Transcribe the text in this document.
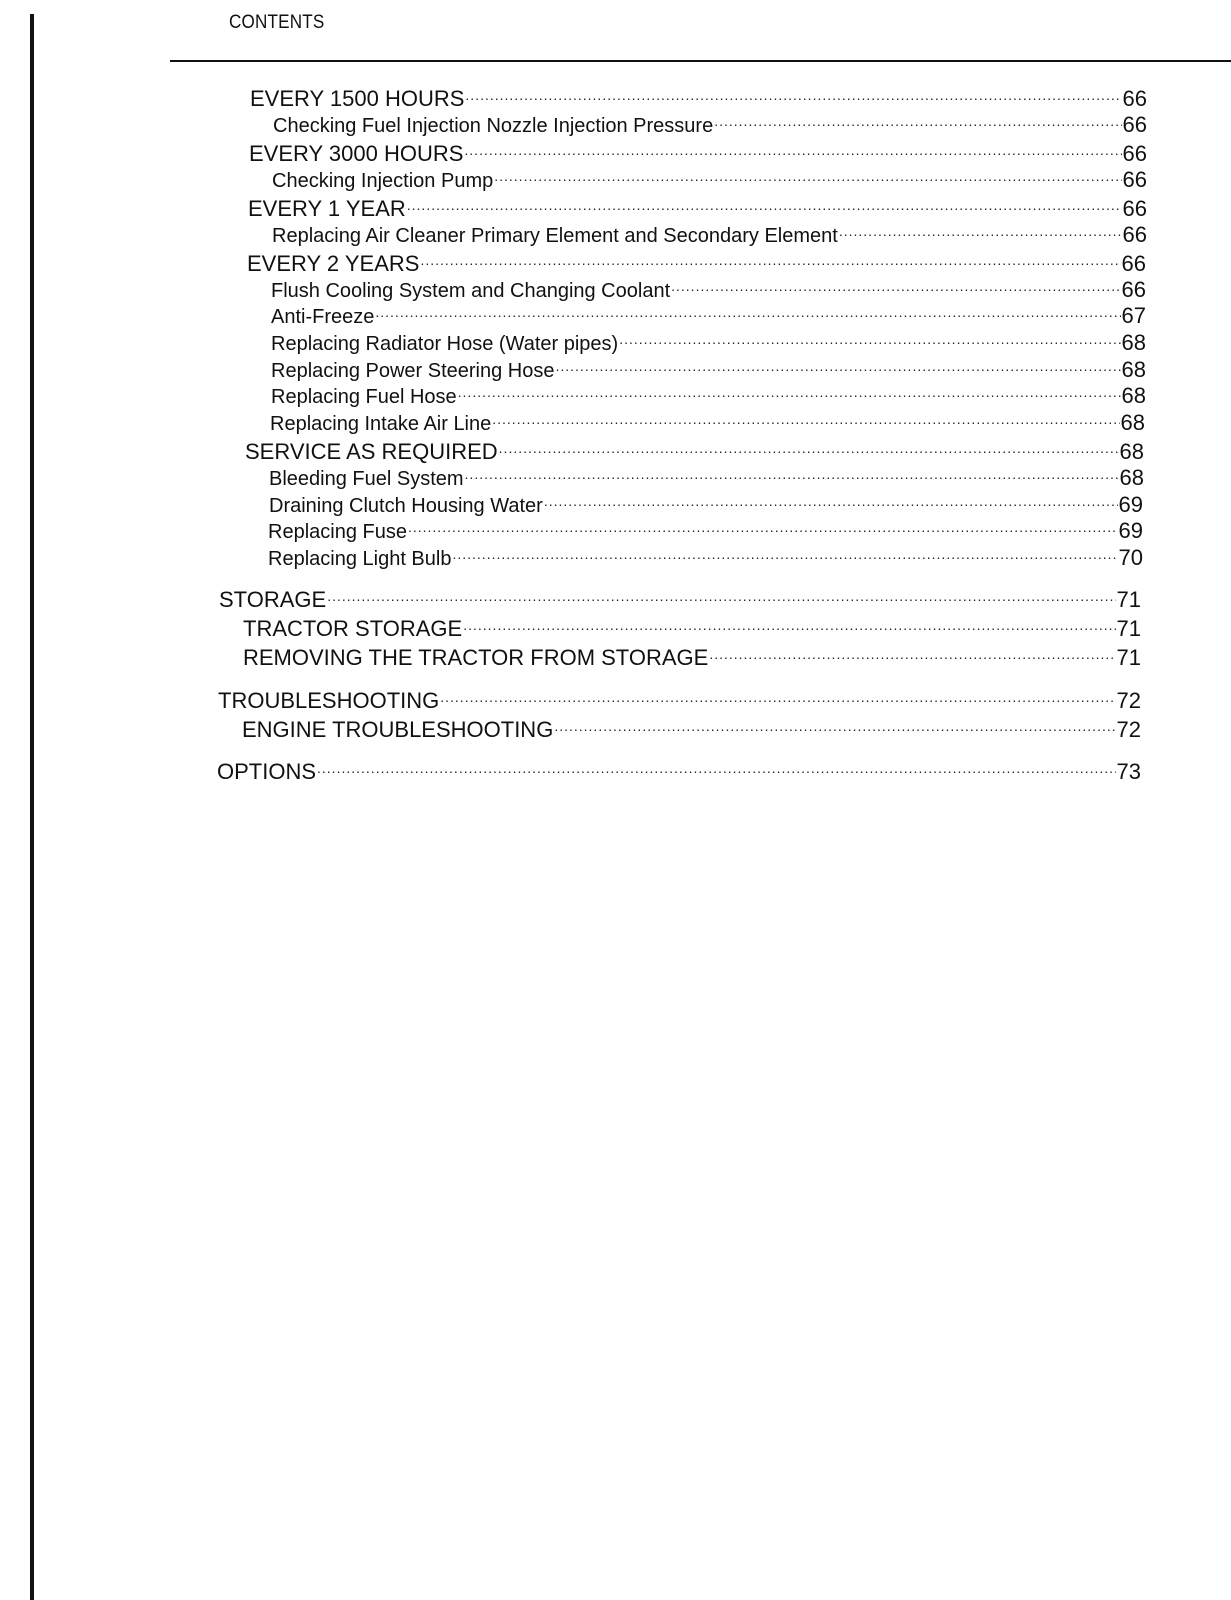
CONTENTS
EVERY 1500 HOURS .....	66
Checking Fuel Injection Nozzle Injection Pressure .....	66
EVERY 3000 HOURS .....	66
Checking Injection Pump .....	66
EVERY 1 YEAR .....	66
Replacing Air Cleaner Primary Element and Secondary Element .....	66
EVERY 2 YEARS .....	66
Flush Cooling System and Changing Coolant .....	66
Anti-Freeze .....	67
Replacing Radiator Hose (Water pipes) .....	68
Replacing Power Steering Hose .....	68
Replacing Fuel Hose .....	68
Replacing Intake Air Line .....	68
SERVICE AS REQUIRED .....	68
Bleeding Fuel System .....	68
Draining Clutch Housing Water .....	69
Replacing Fuse .....	69
Replacing Light Bulb .....	70
STORAGE .....	71
TRACTOR STORAGE .....	71
REMOVING THE TRACTOR FROM STORAGE .....	71
TROUBLESHOOTING .....	72
ENGINE TROUBLESHOOTING .....	72
OPTIONS .....	73
